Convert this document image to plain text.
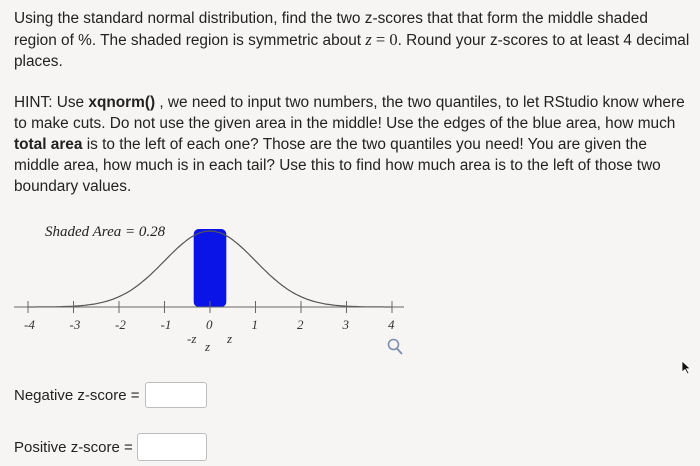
Using the standard normal distribution, find the two z-scores that that form the middle shaded region of %. The shaded region is symmetric about z = 0. Round your z-scores to at least 4 decimal places.
HINT: Use xqnorm() , we need to input two numbers, the two quantiles, to let RStudio know where to make cuts. Do not use the given area in the middle! Use the edges of the blue area, how much total area is to the left of each one? Those are the two quantiles you need! You are given the middle area, how much is in each tail? Use this to find how much area is to the left of those two boundary values.
Shaded Area = 0.28
-4	-3	-2	-1	0	1	2	3	4
-z z
z
Negative z-score =
Positive z-score =
